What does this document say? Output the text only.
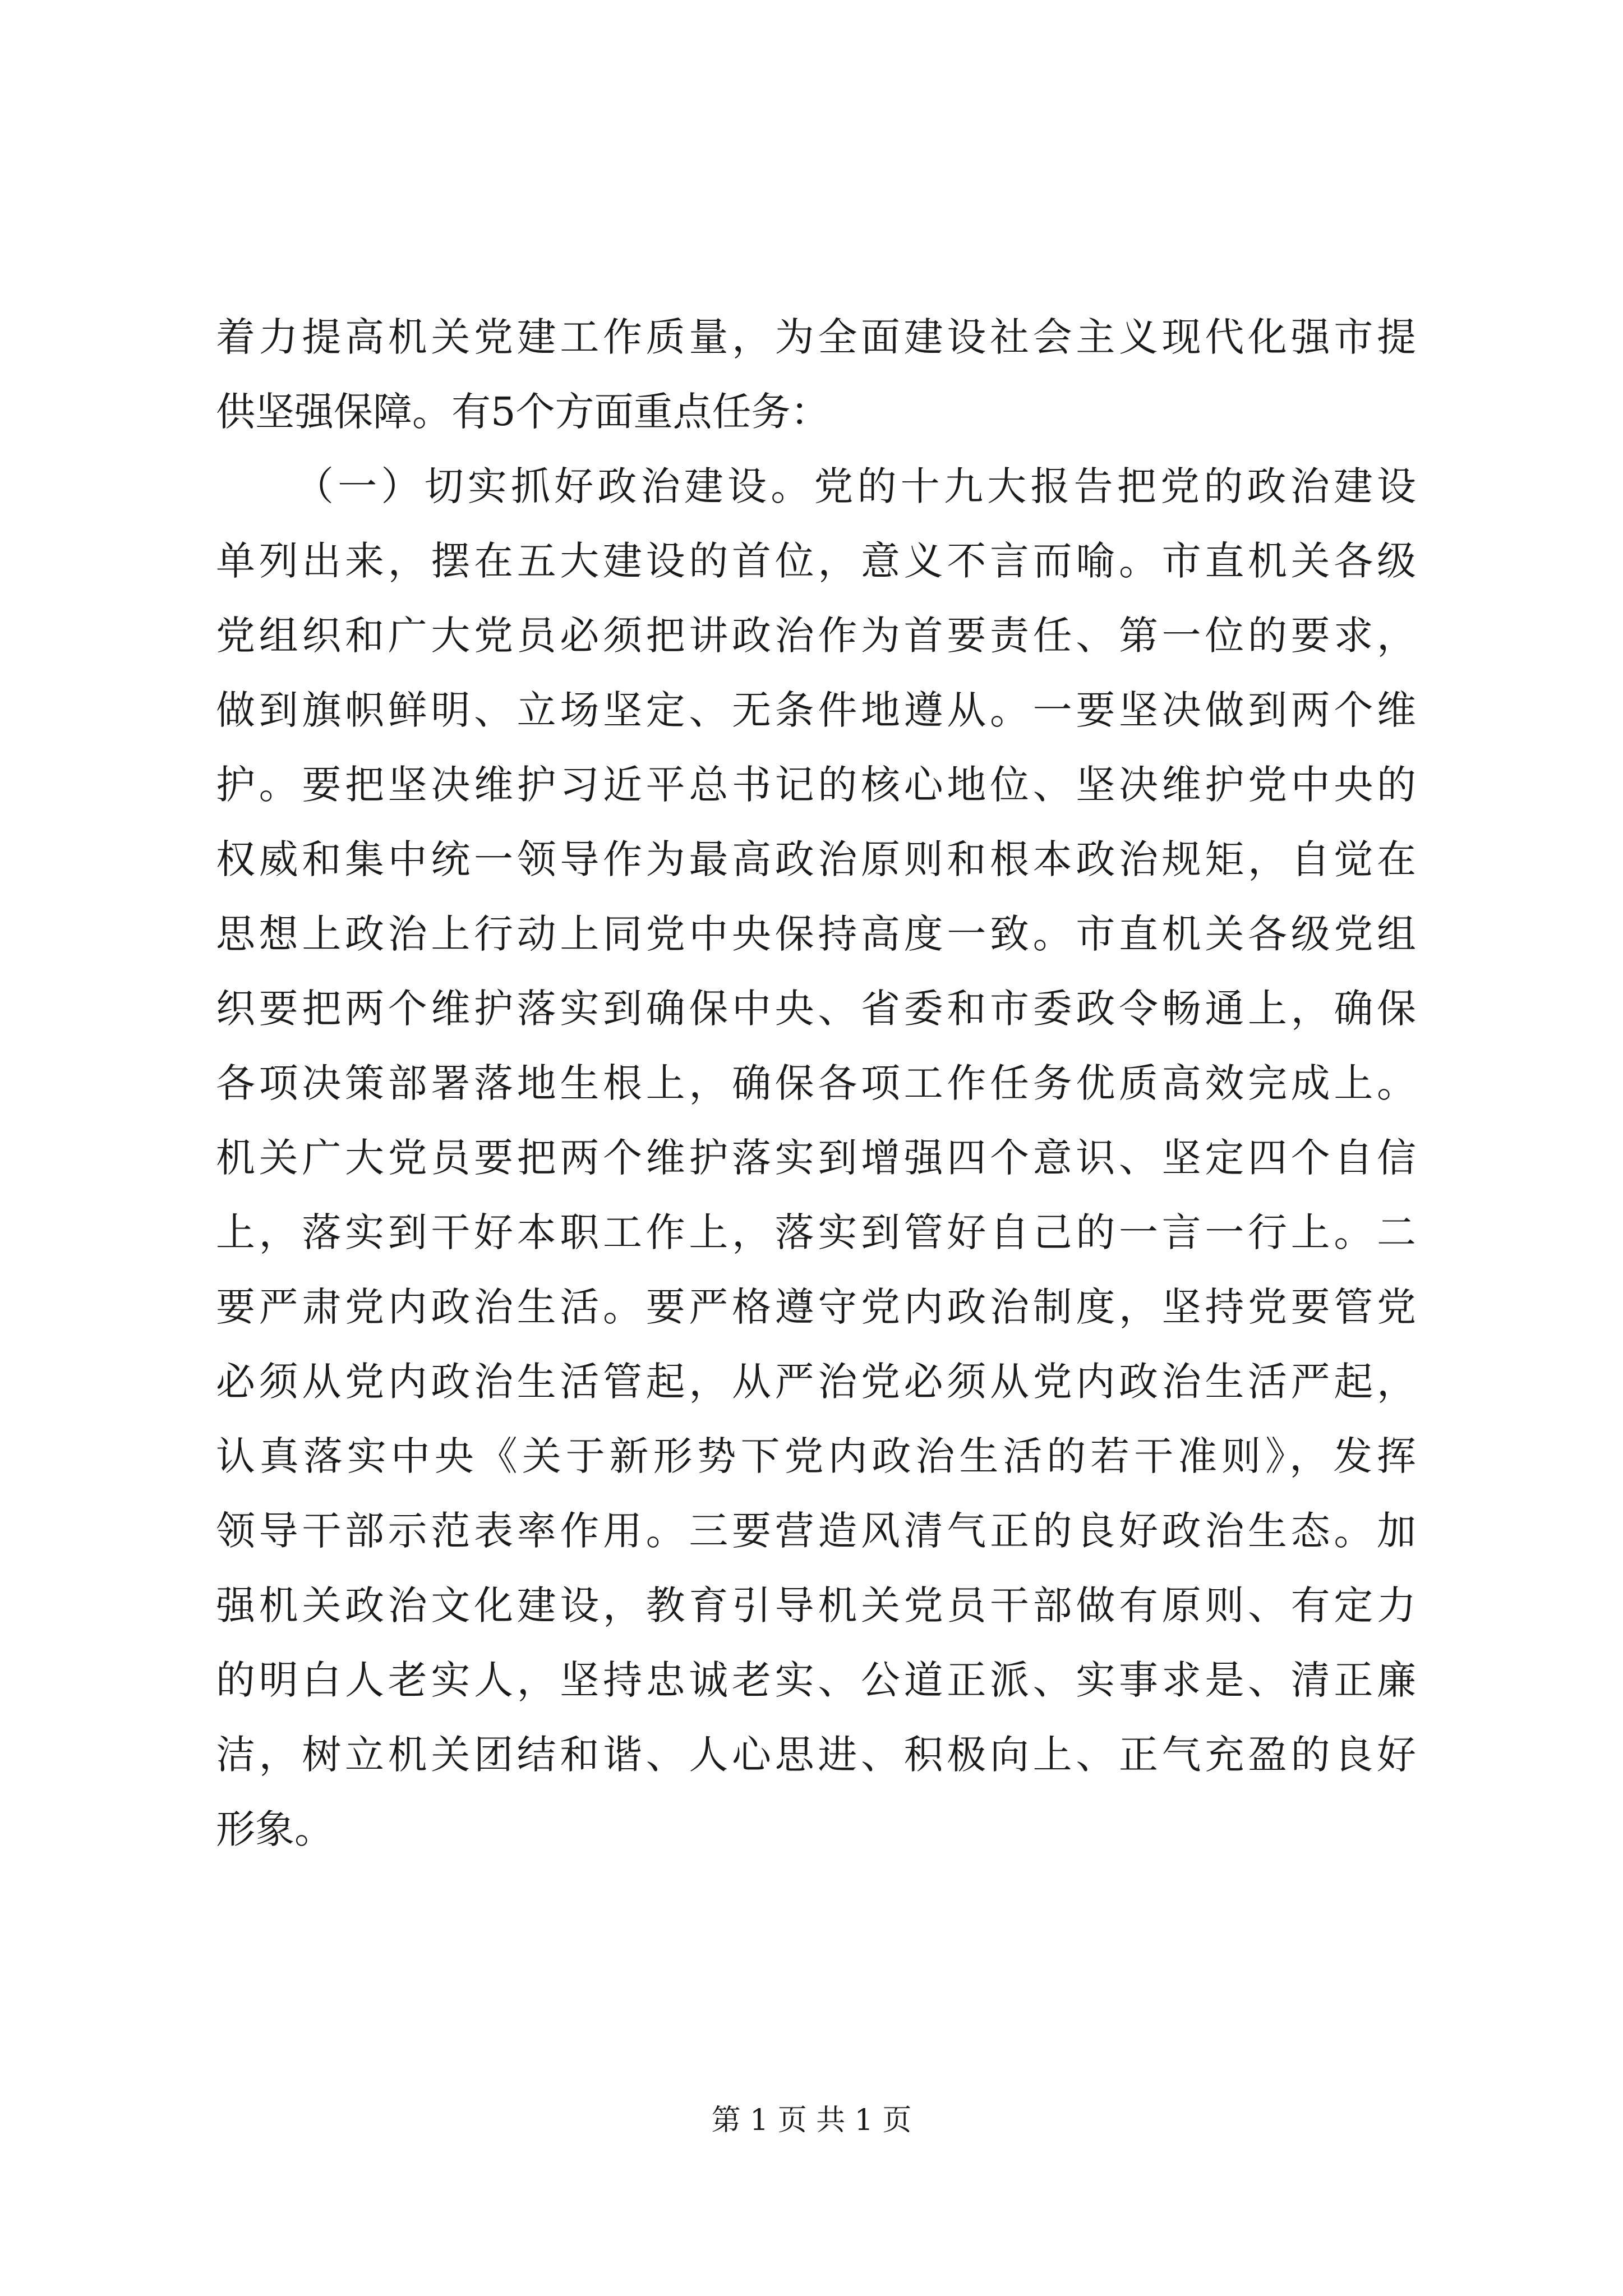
着力提高机关党建工作质量，为全面建设社会主义现代化强市提
供坚强保障。有5个方面重点任务：
（一）切实抓好政治建设。党的十九大报告把党的政治建设
单列出来，摆在五大建设的首位，意义不言而喻。市直机关各级
党组织和广大党员必须把讲政治作为首要责任、第一位的要求，
做到旗帜鲜明、立场坚定、无条件地遵从。一要坚决做到两个维
护。要把坚决维护习近平总书记的核心地位、坚决维护党中央的
权威和集中统一领导作为最高政治原则和根本政治规矩，自觉在
思想上政治上行动上同党中央保持高度一致。市直机关各级党组
织要把两个维护落实到确保中央、省委和市委政令畅通上，确保
各项决策部署落地生根上，确保各项工作任务优质高效完成上。
机关广大党员要把两个维护落实到增强四个意识、坚定四个自信
上，落实到干好本职工作上，落实到管好自己的一言一行上。二
要严肃党内政治生活。要严格遵守党内政治制度，坚持党要管党
必须从党内政治生活管起，从严治党必须从党内政治生活严起，
认真落实中央《关于新形势下党内政治生活的若干准则》，发挥
领导干部示范表率作用。三要营造风清气正的良好政治生态。加
强机关政治文化建设，教育引导机关党员干部做有原则、有定力
的明白人老实人，坚持忠诚老实、公道正派、实事求是、清正廉
洁，树立机关团结和谐、人心思进、积极向上、正气充盈的良好
形象。
第 1 页 共 1 页
